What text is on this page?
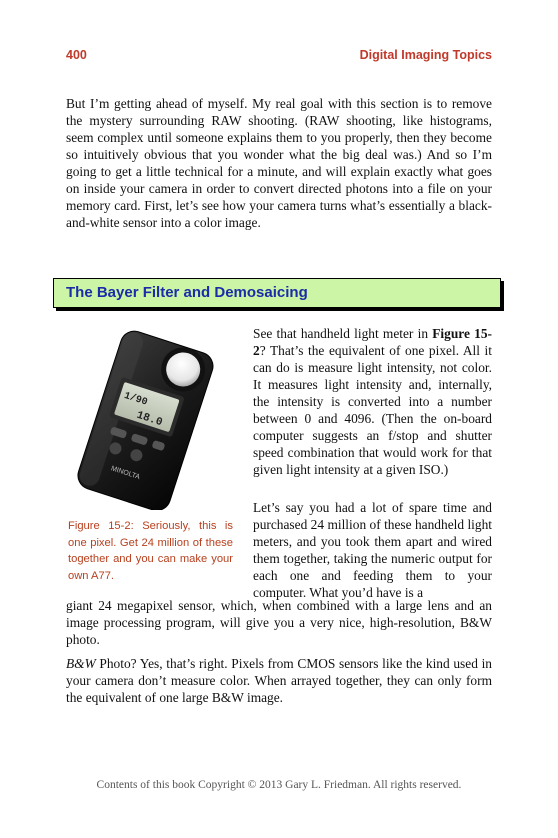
400	Digital Imaging Topics
But I’m getting ahead of myself. My real goal with this section is to remove the mystery surrounding RAW shooting. (RAW shooting, like histograms, seem complex until someone explains them to you properly, then they become so intuitively obvious that you wonder what the big deal was.) And so I’m going to get a little technical for a minute, and will explain exactly what goes on inside your camera in order to convert directed photons into a file on your memory card. First, let’s see how your camera turns what’s essentially a black-and-white sensor into a color image.
The Bayer Filter and Demosaicing
1/90
18.0
MINOLTA
Figure 15-2: Seriously, this is one pixel. Get 24 million of these together and you can make your own A77.
See that handheld light meter in Figure 15-2? That’s the equivalent of one pixel. All it can do is measure light intensity, not color. It measures light intensity and, internally, the intensity is converted into a number between 0 and 4096. (Then the on-board computer suggests an f/stop and shutter speed combination that would work for that given light intensity at a given ISO.)
Let’s say you had a lot of spare time and purchased 24 million of these handheld light meters, and you took them apart and wired them together, taking the numeric output for each one and feeding them to your computer. What you’d have is a
giant 24 megapixel sensor, which, when combined with a large lens and an image processing program, will give you a very nice, high-resolution, B&W photo.
B&W Photo? Yes, that’s right. Pixels from CMOS sensors like the kind used in your camera don’t measure color. When arrayed together, they can only form the equivalent of one large B&W image.
Contents of this book Copyright © 2013 Gary L. Friedman. All rights reserved.
